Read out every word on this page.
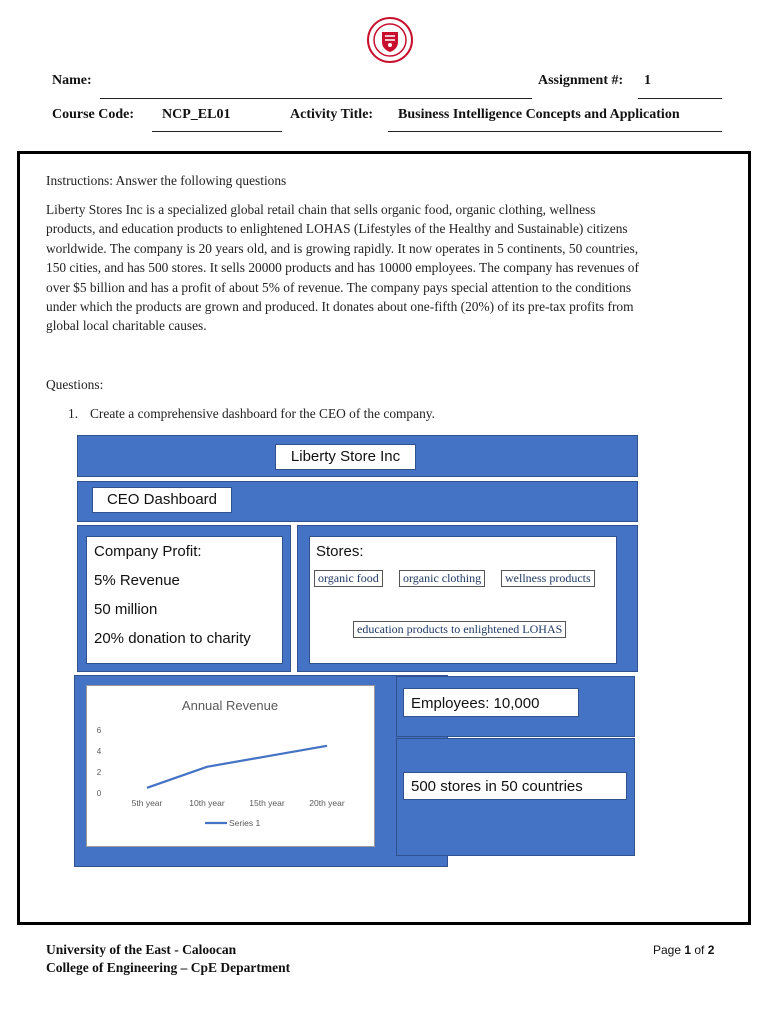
Name:	Assignment #: 1
Course Code: NCP_EL01	Activity Title: Business Intelligence Concepts and Application
Instructions: Answer the following questions
Liberty Stores Inc is a specialized global retail chain that sells organic food, organic clothing, wellness
products, and education products to enlightened LOHAS (Lifestyles of the Healthy and Sustainable) citizens
worldwide. The company is 20 years old, and is growing rapidly. It now operates in 5 continents, 50 countries,
150 cities, and has 500 stores. It sells 20000 products and has 10000 employees. The company has revenues of
over $5 billion and has a profit of about 5% of revenue. The company pays special attention to the conditions
under which the products are grown and produced. It donates about one-fifth (20%) of its pre-tax profits from
global local charitable causes.
Questions:
1. Create a comprehensive dashboard for the CEO of the company.
Liberty Store Inc
CEO Dashboard
Company Profit:
5% Revenue
50 million
20% donation to charity
Stores:
organic food	organic clothing	wellness products
education products to enlightened LOHAS
Annual Revenue
0
2
4
6
5th year	10th year	15th year	20th year
Series 1
Employees: 10,000
500 stores in 50 countries
University of the East - Caloocan
College of Engineering – CpE Department
Page 1 of 2
